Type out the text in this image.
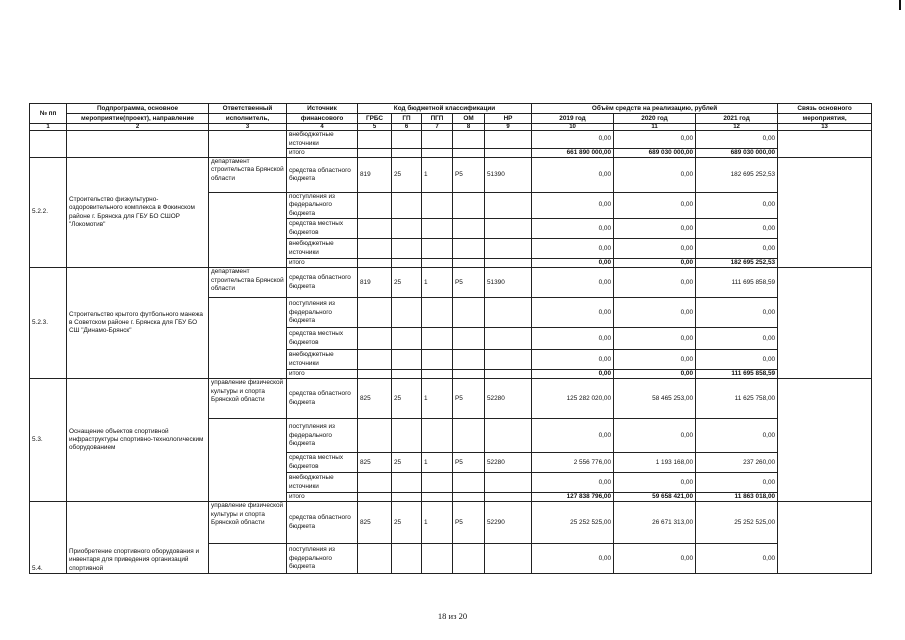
№ пп	Подпрограмма, основное	Ответственный	Источник	Код бюджетной классификации					Объём средств на реализацию, рублей			Связь основного
	мероприятие(проект), направление	исполнитель,	финансового	ГРБС	ГП	ПГП	ОМ	НР	2019 год	2020 год	2021 год	мероприятия,
1	2	3	4	5	6	7	8	9	10	11	12	13
			внебюджетные источники						0,00	0,00	0,00	
			итого						661 890 000,00	689 030 000,00	689 030 000,00	
5.2.2.	Строительство физкультурно-оздоровительного комплекса в Фокинском районе г. Брянска для ГБУ БО СШОР "Локомотив"	департамент строительства Брянской области	средства областного бюджета	819	25	1	Р5	51390	0,00	0,00	182 695 252,53	
			поступления из федерального бюджета						0,00	0,00	0,00	
			средства местных бюджетов						0,00	0,00	0,00	
			внебюджетные источники						0,00	0,00	0,00	
			итого						0,00	0,00	182 695 252,53	
5.2.3.	Строительство крытого футбольного манежа в Советском районе г. Брянска для ГБУ БО СШ "Динамо-Брянск"	департамент строительства Брянской области	средства областного бюджета	819	25	1	Р5	51390	0,00	0,00	111 695 858,59	
			поступления из федерального бюджета						0,00	0,00	0,00	
			средства местных бюджетов						0,00	0,00	0,00	
			внебюджетные источники						0,00	0,00	0,00	
			итого						0,00	0,00	111 695 858,59	
5.3.	Оснащение объектов спортивной инфраструктуры спортивно-технологическим оборудованием	управление физической культуры и спорта Брянской области	средства областного бюджета	825	25	1	Р5	52280	125 282 020,00	58 465 253,00	11 625 758,00	
			поступления из федерального бюджета						0,00	0,00	0,00	
			средства местных бюджетов	825	25	1	Р5	52280	2 556 776,00	1 193 168,00	237 260,00	
			внебюджетные источники						0,00	0,00	0,00	
			итого						127 838 796,00	59 658 421,00	11 863 018,00	
5.4.	Приобретение спортивного оборудования и инвентаря для приведения организаций спортивной	управление физической культуры и спорта Брянской области	средства областного бюджета	825	25	1	Р5	52290	25 252 525,00	26 671 313,00	25 252 525,00	
			поступления из федерального бюджета						0,00	0,00	0,00	
18 из 20
